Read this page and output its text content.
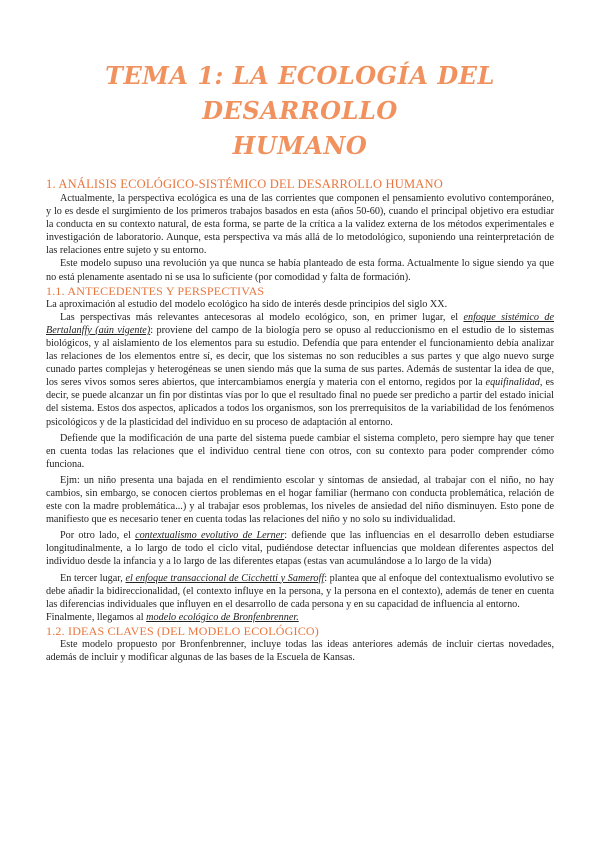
TEMA 1: LA ECOLOGÍA DEL DESARROLLO
HUMANO
1. ANÁLISIS ECOLÓGICO-SISTÉMICO DEL DESARROLLO HUMANO

Actualmente, la perspectiva ecológica es una de las corrientes que componen el pensamiento evolutivo contemporáneo, y lo es desde el surgimiento de los primeros trabajos basados en esta (años 50-60), cuando el principal objetivo era estudiar la conducta en su contexto natural, de esta forma, se parte de la crítica a la validez externa de los métodos experimentales e investigación de laboratorio. Aunque, esta perspectiva va más allá de lo metodológico, suponiendo una reinterpretación de las relaciones entre sujeto y su entorno.

Este modelo supuso una revolución ya que nunca se había planteado de esta forma. Actualmente lo sigue siendo ya que no está plenamente asentado ni se usa lo suficiente (por comodidad y falta de formación).

1.1. ANTECEDENTES Y PERSPECTIVAS

La aproximación al estudio del modelo ecológico ha sido de interés desde principios del siglo XX.

Las perspectivas más relevantes antecesoras al modelo ecológico, son, en primer lugar, el enfoque sistémico de Bertalanffy (aún vigente): proviene del campo de la biología pero se opuso al reduccionismo en el estudio de lo sistemas biológicos, y al aislamiento de los elementos para su estudio. Defendía que para entender el funcionamiento debía analizar las relaciones de los elementos entre sí, es decir, que los sistemas no son reducibles a sus partes y que algo nuevo surge cunado partes complejas y heterogéneas se unen siendo más que la suma de sus partes. Además de sustentar la idea de que, los seres vivos somos seres abiertos, que intercambiamos energía y materia con el entorno, regidos por la equifinalidad, es decir, se puede alcanzar un fin por distintas vías por lo que el resultado final no puede ser predicho a partir del estado inicial del sistema. Estos dos aspectos, aplicados a todos los organismos, son los prerrequisitos de la variabilidad de los fenómenos psicológicos y de la plasticidad del individuo en su proceso de adaptación al entorno.

Defiende que la modificación de una parte del sistema puede cambiar el sistema completo, pero siempre hay que tener en cuenta todas las relaciones que el individuo central tiene con otros, con su contexto para poder comprender cómo funciona.

Ejm: un niño presenta una bajada en el rendimiento escolar y síntomas de ansiedad, al trabajar con el niño, no hay cambios, sin embargo, se conocen ciertos problemas en el hogar familiar (hermano con conducta problemática, relación de este con la madre problemática...) y al trabajar esos problemas, los niveles de ansiedad del niño disminuyen. Esto pone de manifiesto que es necesario tener en cuenta todas las relaciones del niño y no solo su individualidad.

Por otro lado, el contextualismo evolutivo de Lerner: defiende que las influencias en el desarrollo deben estudiarse longitudinalmente, a lo largo de todo el ciclo vital, pudiéndose detectar influencias que moldean diferentes aspectos del individuo desde la infancia y a lo largo de las diferentes etapas (estas van acumulándose a lo largo de la vida)

En tercer lugar, el enfoque transaccional de Cicchetti y Sameroff: plantea que al enfoque del contextualismo evolutivo se debe añadir la bidireccionalidad, (el contexto influye en la persona, y la persona en el contexto), además de tener en cuenta las diferencias individuales que influyen en el desarrollo de cada persona y en su capacidad de influencia al entorno.

Finalmente, llegamos al modelo ecológico de Bronfenbrenner.

1.2. IDEAS CLAVES (DEL MODELO ECOLÓGICO)

Este modelo propuesto por Bronfenbrenner, incluye todas las ideas anteriores además de incluir ciertas novedades, además de incluir y modificar algunas de las bases de la Escuela de Kansas.
